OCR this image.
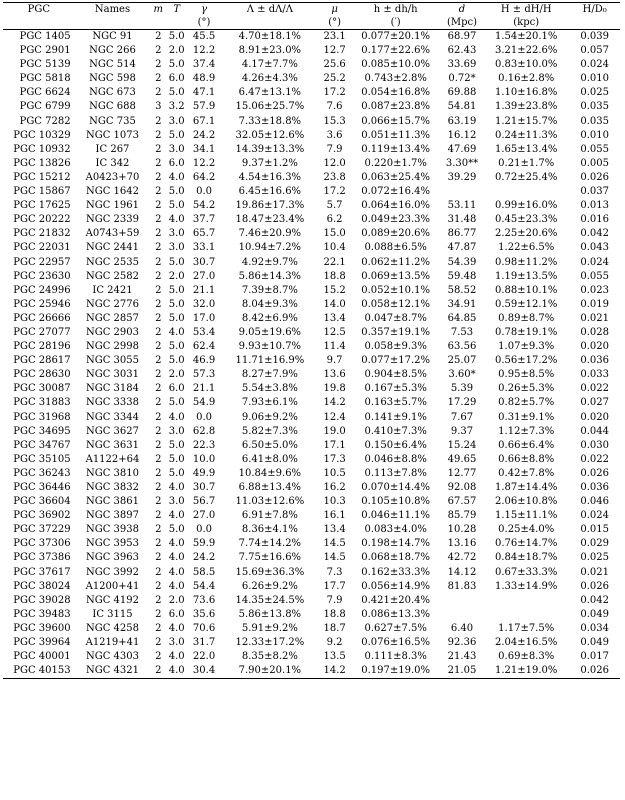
PGC	Names	m	T	γ	Λ ± dΛ/Λ	μ	h ± dh/h	d	H ± dH/H	H/D₀
				(°)		(°)	(′)	(Mpc)	(kpc)	
PGC 1405	NGC 91	2	5.0	45.5	4.70±18.1%	23.1	0.077±20.1%	68.97	1.54±20.1%	0.039
PGC 2901	NGC 266	2	2.0	12.2	8.91±23.0%	12.7	0.177±22.6%	62.43	3.21±22.6%	0.057
PGC 5139	NGC 514	2	5.0	37.4	4.17±7.7%	25.6	0.085±10.0%	33.69	0.83±10.0%	0.024
PGC 5818	NGC 598	2	6.0	48.9	4.26±4.3%	25.2	0.743±2.8%	0.72*	0.16±2.8%	0.010
PGC 6624	NGC 673	2	5.0	47.1	6.47±13.1%	17.2	0.054±16.8%	69.88	1.10±16.8%	0.025
PGC 6799	NGC 688	3	3.2	57.9	15.06±25.7%	7.6	0.087±23.8%	54.81	1.39±23.8%	0.035
PGC 7282	NGC 735	2	3.0	67.1	7.33±18.8%	15.3	0.066±15.7%	63.19	1.21±15.7%	0.035
PGC 10329	NGC 1073	2	5.0	24.2	32.05±12.6%	3.6	0.051±11.3%	16.12	0.24±11.3%	0.010
PGC 10932	IC 267	2	3.0	34.1	14.39±13.3%	7.9	0.119±13.4%	47.69	1.65±13.4%	0.055
PGC 13826	IC 342	2	6.0	12.2	9.37±1.2%	12.0	0.220±1.7%	3.30**	0.21±1.7%	0.005
PGC 15212	A0423+70	2	4.0	64.2	4.54±16.3%	23.8	0.063±25.4%	39.29	0.72±25.4%	0.026
PGC 15867	NGC 1642	2	5.0	0.0	6.45±16.6%	17.2	0.072±16.4%			0.037
PGC 17625	NGC 1961	2	5.0	54.2	19.86±17.3%	5.7	0.064±16.0%	53.11	0.99±16.0%	0.013
PGC 20222	NGC 2339	2	4.0	37.7	18.47±23.4%	6.2	0.049±23.3%	31.48	0.45±23.3%	0.016
PGC 21832	A0743+59	2	3.0	65.7	7.46±20.9%	15.0	0.089±20.6%	86.77	2.25±20.6%	0.042
PGC 22031	NGC 2441	2	3.0	33.1	10.94±7.2%	10.4	0.088±6.5%	47.87	1.22±6.5%	0.043
PGC 22957	NGC 2535	2	5.0	30.7	4.92±9.7%	22.1	0.062±11.2%	54.39	0.98±11.2%	0.024
PGC 23630	NGC 2582	2	2.0	27.0	5.86±14.3%	18.8	0.069±13.5%	59.48	1.19±13.5%	0.055
PGC 24996	IC 2421	2	5.0	21.1	7.39±8.7%	15.2	0.052±10.1%	58.52	0.88±10.1%	0.023
PGC 25946	NGC 2776	2	5.0	32.0	8.04±9.3%	14.0	0.058±12.1%	34.91	0.59±12.1%	0.019
PGC 26666	NGC 2857	2	5.0	17.0	8.42±6.9%	13.4	0.047±8.7%	64.85	0.89±8.7%	0.021
PGC 27077	NGC 2903	2	4.0	53.4	9.05±19.6%	12.5	0.357±19.1%	7.53	0.78±19.1%	0.028
PGC 28196	NGC 2998	2	5.0	62.4	9.93±10.7%	11.4	0.058±9.3%	63.56	1.07±9.3%	0.020
PGC 28617	NGC 3055	2	5.0	46.9	11.71±16.9%	9.7	0.077±17.2%	25.07	0.56±17.2%	0.036
PGC 28630	NGC 3031	2	2.0	57.3	8.27±7.9%	13.6	0.904±8.5%	3.60*	0.95±8.5%	0.033
PGC 30087	NGC 3184	2	6.0	21.1	5.54±3.8%	19.8	0.167±5.3%	5.39	0.26±5.3%	0.022
PGC 31883	NGC 3338	2	5.0	54.9	7.93±6.1%	14.2	0.163±5.7%	17.29	0.82±5.7%	0.027
PGC 31968	NGC 3344	2	4.0	0.0	9.06±9.2%	12.4	0.141±9.1%	7.67	0.31±9.1%	0.020
PGC 34695	NGC 3627	2	3.0	62.8	5.82±7.3%	19.0	0.410±7.3%	9.37	1.12±7.3%	0.044
PGC 34767	NGC 3631	2	5.0	22.3	6.50±5.0%	17.1	0.150±6.4%	15.24	0.66±6.4%	0.030
PGC 35105	A1122+64	2	5.0	10.0	6.41±8.0%	17.3	0.046±8.8%	49.65	0.66±8.8%	0.022
PGC 36243	NGC 3810	2	5.0	49.9	10.84±9.6%	10.5	0.113±7.8%	12.77	0.42±7.8%	0.026
PGC 36446	NGC 3832	2	4.0	30.7	6.88±13.4%	16.2	0.070±14.4%	92.08	1.87±14.4%	0.036
PGC 36604	NGC 3861	2	3.0	56.7	11.03±12.6%	10.3	0.105±10.8%	67.57	2.06±10.8%	0.046
PGC 36902	NGC 3897	2	4.0	27.0	6.91±7.8%	16.1	0.046±11.1%	85.79	1.15±11.1%	0.024
PGC 37229	NGC 3938	2	5.0	0.0	8.36±4.1%	13.4	0.083±4.0%	10.28	0.25±4.0%	0.015
PGC 37306	NGC 3953	2	4.0	59.9	7.74±14.2%	14.5	0.198±14.7%	13.16	0.76±14.7%	0.029
PGC 37386	NGC 3963	2	4.0	24.2	7.75±16.6%	14.5	0.068±18.7%	42.72	0.84±18.7%	0.025
PGC 37617	NGC 3992	2	4.0	58.5	15.69±36.3%	7.3	0.162±33.3%	14.12	0.67±33.3%	0.021
PGC 38024	A1200+41	2	4.0	54.4	6.26±9.2%	17.7	0.056±14.9%	81.83	1.33±14.9%	0.026
PGC 39028	NGC 4192	2	2.0	73.6	14.35±24.5%	7.9	0.421±20.4%			0.042
PGC 39483	IC 3115	2	6.0	35.6	5.86±13.8%	18.8	0.086±13.3%			0.049
PGC 39600	NGC 4258	2	4.0	70.6	5.91±9.2%	18.7	0.627±7.5%	6.40	1.17±7.5%	0.034
PGC 39964	A1219+41	2	3.0	31.7	12.33±17.2%	9.2	0.076±16.5%	92.36	2.04±16.5%	0.049
PGC 40001	NGC 4303	2	4.0	22.0	8.35±8.2%	13.5	0.111±8.3%	21.43	0.69±8.3%	0.017
PGC 40153	NGC 4321	2	4.0	30.4	7.90±20.1%	14.2	0.197±19.0%	21.05	1.21±19.0%	0.026
